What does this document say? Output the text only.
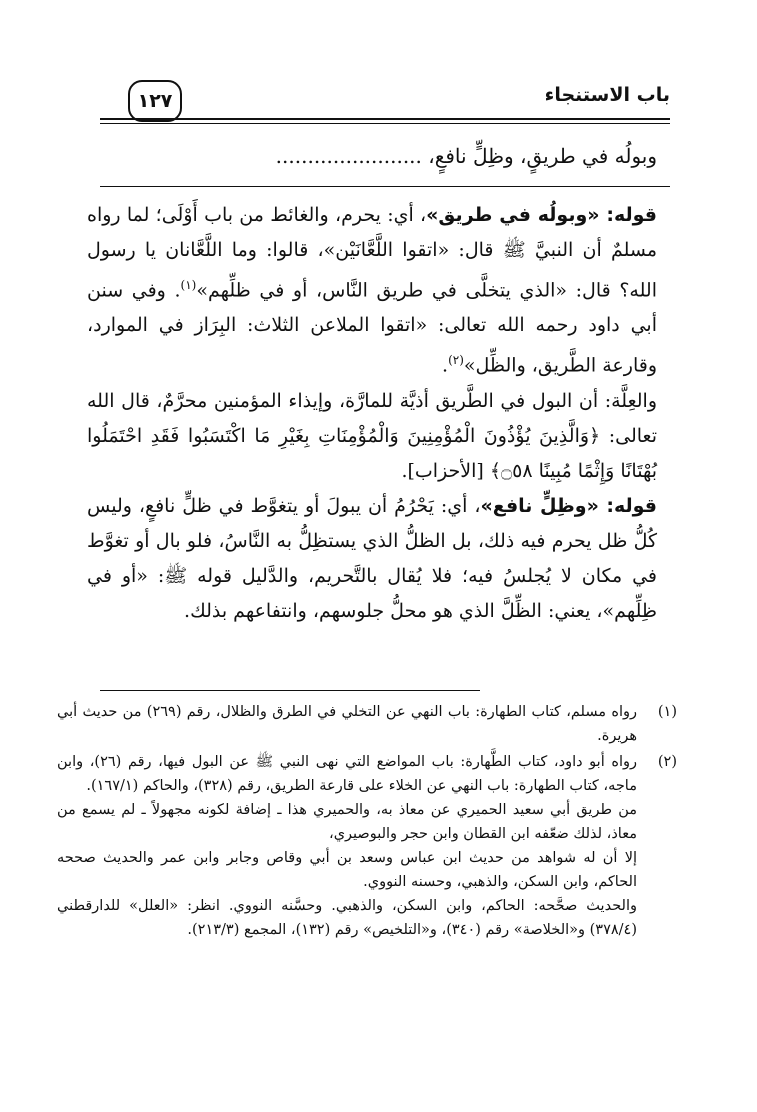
باب الاستنجاء
١٢٧
وبولُه في طريقٍ، وظِلٍّ نافعٍ، .......................

قوله: «وبولُه في طريق»، أي: يحرم، والغائط من باب أَوْلَى؛ لما رواه مسلمٌ أن النبيَّ ﷺ قال: «اتقوا اللَّعَّانَيْن»، قالوا: وما اللَّعَّانان يا رسول الله؟ قال: «الذي يتخلَّى في طريق النَّاس، أو في ظلِّهم»$^{(١)}$. وفي سنن أبي داود رحمه الله تعالى: «اتقوا الملاعن الثلاث: البِرَاز في الموارد، وقارعة الطَّريق، والظِّل»$^{(٢)}$.

والعِلَّة: أن البول في الطَّريق أذيَّة للمارَّة، وإيذاء المؤمنين محرَّمٌ، قال الله تعالى: ﴿وَالَّذِينَ يُؤْذُونَ الْمُؤْمِنِينَ وَالْمُؤْمِنَاتِ بِغَيْرِ مَا اكْتَسَبُوا فَقَدِ احْتَمَلُوا بُهْتَانًا وَإِثْمًا مُبِينًا ۝٥٨﴾ [الأحزاب].

قوله: «وظِلٍّ نافع»، أي: يَحْرُمُ أن يبولَ أو يتغوَّط في ظلٍّ نافعٍ، وليس كُلُّ ظل يحرم فيه ذلك، بل الظلُّ الذي يستظِلُّ به النَّاسُ، فلو بال أو تغوَّط في مكان لا يُجلسُ فيه؛ فلا يُقال بالتَّحريم، والدَّليل قوله ﷺ: «أو في ظِلِّهم»، يعني: الظِّلَّ الذي هو محلُّ جلوسهم، وانتفاعهم بذلك.

(١)

رواه مسلم، كتاب الطهارة: باب النهي عن التخلي في الطرق والظلال، رقم (٢٦٩) من حديث أبي هريرة.

(٢)

رواه أبو داود، كتاب الطَّهارة: باب المواضع التي نهى النبي ﷺ عن البول فيها، رقم (٢٦)، وابن ماجه، كتاب الطهارة: باب النهي عن الخلاء على قارعة الطريق، رقم (٣٢٨)، والحاكم (١٦٧/١).

من طريق أبي سعيد الحميري عن معاذ به، والحميري هذا ـ إضافة لكونه مجهولاً ـ لم يسمع من معاذ، لذلك ضعّفه ابن القطان وابن حجر والبوصيري،

إلا أن له شواهد من حديث ابن عباس وسعد بن أبي وقاص وجابر وابن عمر والحديث صححه الحاكم، وابن السكن، والذهبي، وحسنه النووي.

والحديث صحَّحه: الحاكم، وابن السكن، والذهبي. وحسَّنه النووي. انظر: «العلل» للدارقطني (٣٧٨/٤) و«الخلاصة» رقم (٣٤٠)، و«التلخيص» رقم (١٣٢)، المجمع (٢١٣/٣).
